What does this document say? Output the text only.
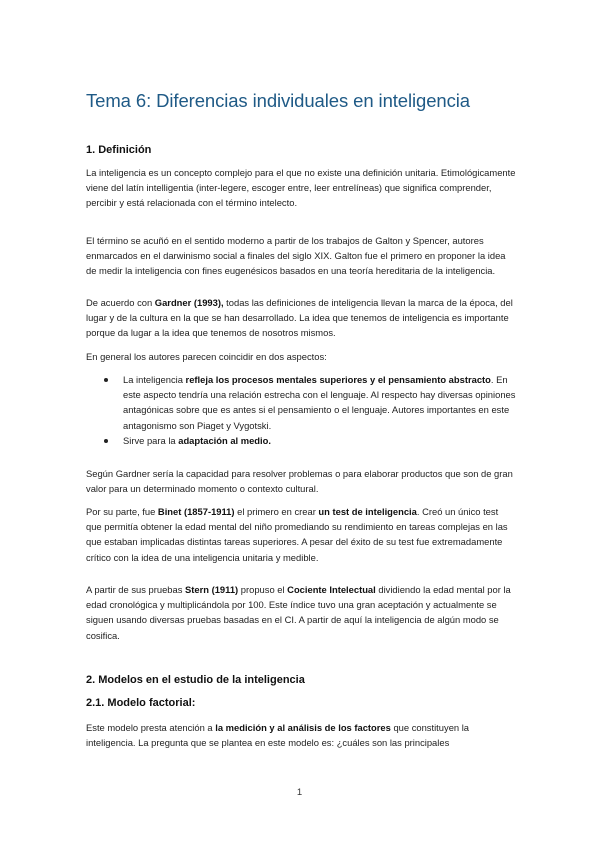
Tema 6: Diferencias individuales en inteligencia
1. Definición

La inteligencia es un concepto complejo para el que no existe una definición unitaria. Etimológicamente viene del latín intelligentia (inter-legere, escoger entre, leer entrelíneas) que significa comprender, percibir y está relacionada con el término intelecto.

El término se acuñó en el sentido moderno a partir de los trabajos de Galton y Spencer, autores enmarcados en el darwinismo social a finales del siglo XIX. Galton fue el primero en proponer la idea de medir la inteligencia con fines eugenésicos basados en una teoría hereditaria de la inteligencia.

De acuerdo con Gardner (1993), todas las definiciones de inteligencia llevan la marca de la época, del lugar y de la cultura en la que se han desarrollado. La idea que tenemos de inteligencia es importante porque da lugar a la idea que tenemos de nosotros mismos.

En general los autores parecen coincidir en dos aspectos:

La inteligencia refleja los procesos mentales superiores y el pensamiento abstracto. En este aspecto tendría una relación estrecha con el lenguaje. Al respecto hay diversas opiniones antagónicas sobre que es antes si el pensamiento o el lenguaje. Autores importantes en este antagonismo son Piaget y Vygotski.
Sirve para la adaptación al medio.

Según Gardner sería la capacidad para resolver problemas o para elaborar productos que son de gran valor para un determinado momento o contexto cultural.

Por su parte, fue Binet (1857-1911) el primero en crear un test de inteligencia. Creó un único test que permitía obtener la edad mental del niño promediando su rendimiento en tareas complejas en las que estaban implicadas distintas tareas superiores. A pesar del éxito de su test fue extremadamente crítico con la idea de una inteligencia unitaria y medible.

A partir de sus pruebas Stern (1911) propuso el Cociente Intelectual dividiendo la edad mental por la edad cronológica y multiplicándola por 100. Este índice tuvo una gran aceptación y actualmente se siguen usando diversas pruebas basadas en el CI. A partir de aquí la inteligencia de algún modo se cosifica.

2. Modelos en el estudio de la inteligencia
2.1. Modelo factorial:

Este modelo presta atención a la medición y al análisis de los factores que constituyen la inteligencia. La pregunta que se plantea en este modelo es: ¿cuáles son las principales

1
